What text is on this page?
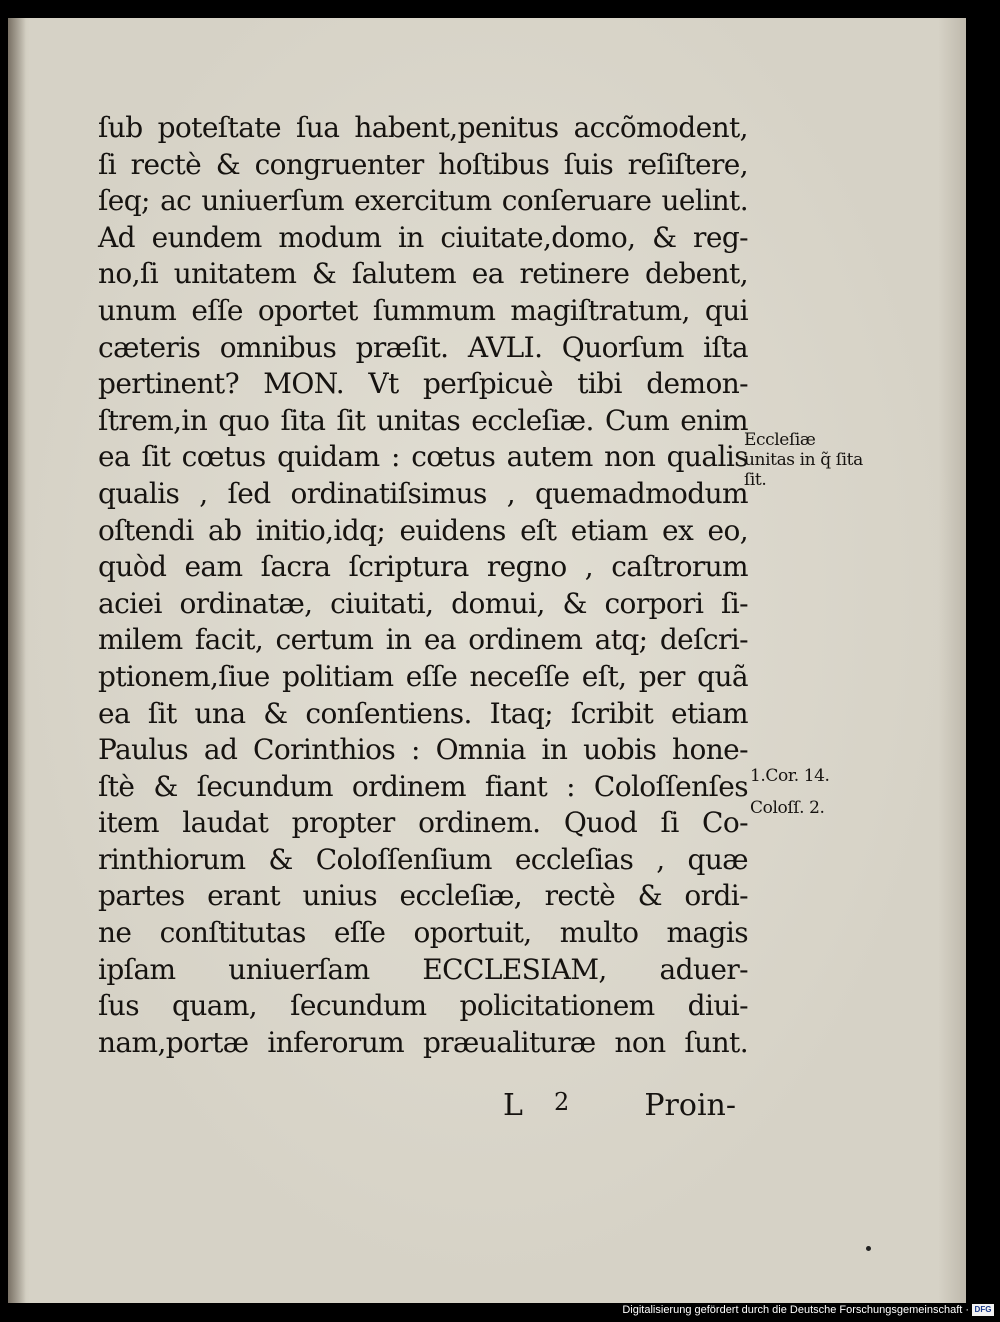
ſub poteſtate ſua habent,penitus accõmodent,
ſi rectè & congruenter hoſtibus ſuis reſiſtere,
ſeq; ac uniuerſum exercitum conſeruare uelint.
Ad eundem modum in ciuitate,domo, & reg-
no,ſi unitatem & ſalutem ea retinere debent,
unum eſſe oportet ſummum magiſtratum, qui
cæteris omnibus præſit. AVLI. Quorſum iſta
pertinent? MON. Vt perſpicuè tibi demon-
ſtrem,in quo ſita ſit unitas eccleſiæ. Cum enim
ea ſit cœtus quidam : cœtus autem non qualis
qualis , ſed ordinatiſsimus , quemadmodum
oſtendi ab initio,idq; euidens eſt etiam ex eo,
quòd eam ſacra ſcriptura regno , caſtrorum
aciei ordinatæ, ciuitati, domui, & corpori ſi-
milem facit, certum in ea ordinem atq; deſcri-
ptionem,ſiue politiam eſſe neceſſe eſt, per quã
ea ſit una & conſentiens. Itaq; ſcribit etiam
Paulus ad Corinthios : Omnia in uobis hone-
ſtè & ſecundum ordinem fiant : Coloſſenſes
item laudat propter ordinem. Quod ſi Co-
rinthiorum & Coloſſenſium eccleſias , quæ
partes erant unius eccleſiæ, rectè & ordi-
ne conſtitutas eſſe oportuit, multo magis
ipſam uniuerſam ECCLESIAM, aduer-
ſus quam, ſecundum policitationem diui-
nam,portæ inferorum præualituræ non ſunt.
L 2	Proin-
Eccleſiæ unitas in q̃ ſita ſit.
1.Cor. 14.
Coloſſ. 2.
Digitalisierung gefördert durch die Deutsche Forschungsgemeinschaft · DFG
